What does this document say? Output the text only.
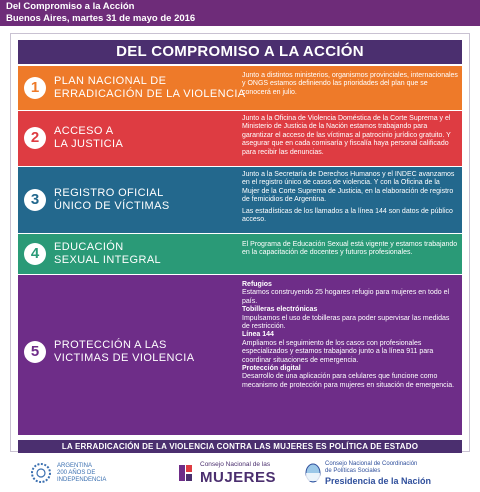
Del Compromiso a la Acción
Buenos Aires, martes 31 de mayo de 2016
DEL COMPROMISO A LA ACCIÓN
1	PLAN NACIONAL DE
ERRADICACIÓN DE LA VIOLENCIA
Junto a distintos ministerios, organismos provinciales, internacionales y ONGS estamos definiendo las prioridades del plan que se conocerá en julio.
2	ACCESO A
LA JUSTICIA
Junto a la Oficina de Violencia Doméstica de la Corte Suprema y el Ministerio de Justicia de la Nación estamos trabajando para garantizar el acceso de las víctimas al patrocinio jurídico gratuito. Y asegurar que en cada comisaría y fiscalía haya personal calificado para recibir las denuncias.
3	REGISTRO OFICIAL
ÚNICO DE VÍCTIMAS

Junto a la Secretaría de Derechos Humanos y el INDEC avanzamos en el registro único de casos de violencia. Y con la Oficina de la Mujer de la Corte Suprema de Justicia, en la elaboración de registro de femicidios de Argentina.

Las estadísticas de los llamados a la línea 144 son datos de público acceso.

4	EDUCACIÓN
SEXUAL INTEGRAL
El Programa de Educación Sexual está vigente y estamos trabajando en la capacitación de docentes y futuros profesionales.
5	PROTECCIÓN A LAS
VICTIMAS DE VIOLENCIA

Refugios

Estamos construyendo 25 hogares refugio para mujeres en todo el país.

Tobilleras electrónicas

Impulsamos el uso de tobilleras para poder supervisar las medidas de restricción.

Línea 144

Ampliamos el seguimiento de los casos con profesionales especializados y estamos trabajando junto a la línea 911 para coordinar situaciones de emergencia.

Protección digital

Desarrollo de una aplicación para celulares que funcione como mecanismo de protección para mujeres en situación de emergencia.

LA ERRADICACIÓN DE LA VIOLENCIA CONTRA LAS MUJERES ES POLÍTICA DE ESTADO
ARGENTINA
200 AÑOS DE
INDEPENDENCIA
Consejo Nacional de las
MUJERES
Consejo Nacional de Coordinación
de Políticas Sociales
Presidencia de la Nación
